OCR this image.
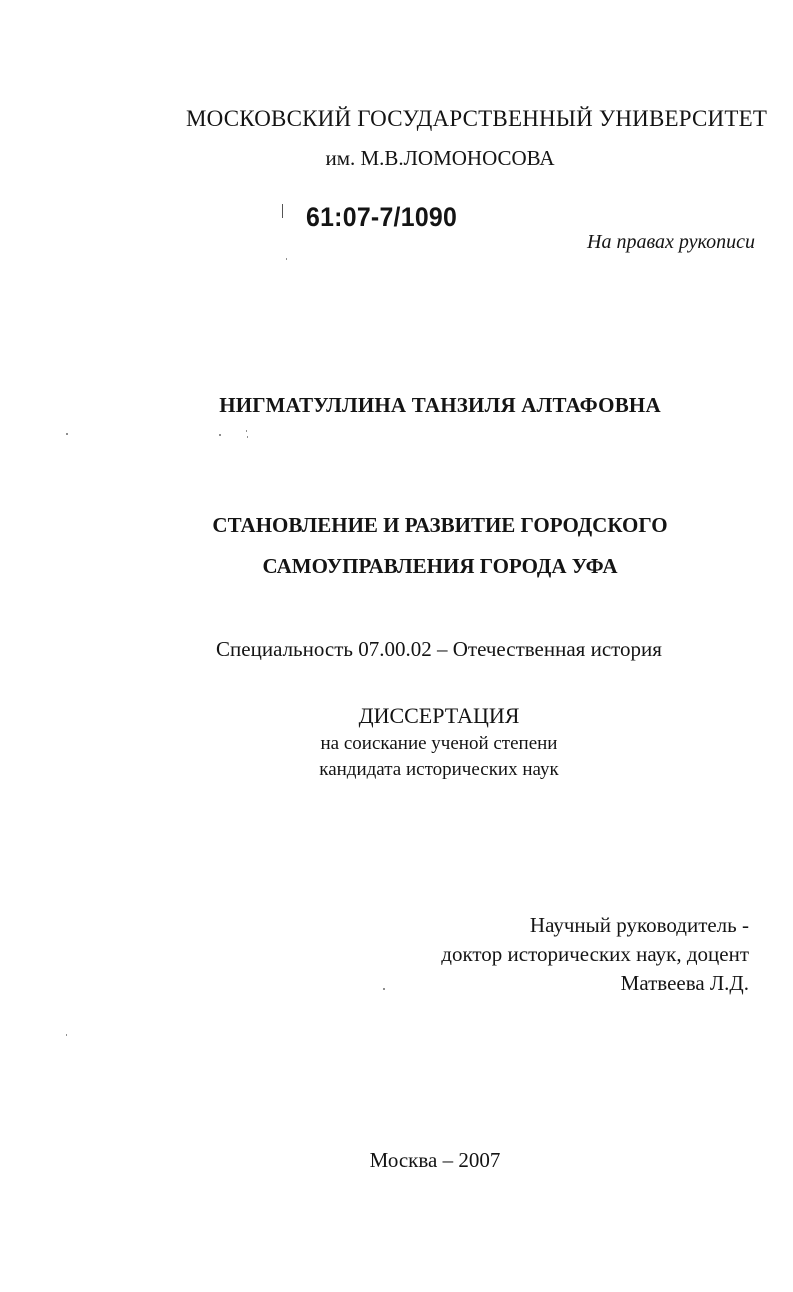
МОСКОВСКИЙ ГОСУДАРСТВЕННЫЙ УНИВЕРСИТЕТ
им. М.В.ЛОМОНОСОВА
61:07-7/1090
На правах рукописи
НИГМАТУЛЛИНА ТАНЗИЛЯ АЛТАФОВНА
СТАНОВЛЕНИЕ И РАЗВИТИЕ ГОРОДСКОГО
САМОУПРАВЛЕНИЯ ГОРОДА УФА
Специальность 07.00.02 – Отечественная история
ДИССЕРТАЦИЯ
на соискание ученой степени
кандидата исторических наук
Научный руководитель -
доктор исторических наук, доцент
Матвеева Л.Д.
Москва – 2007
